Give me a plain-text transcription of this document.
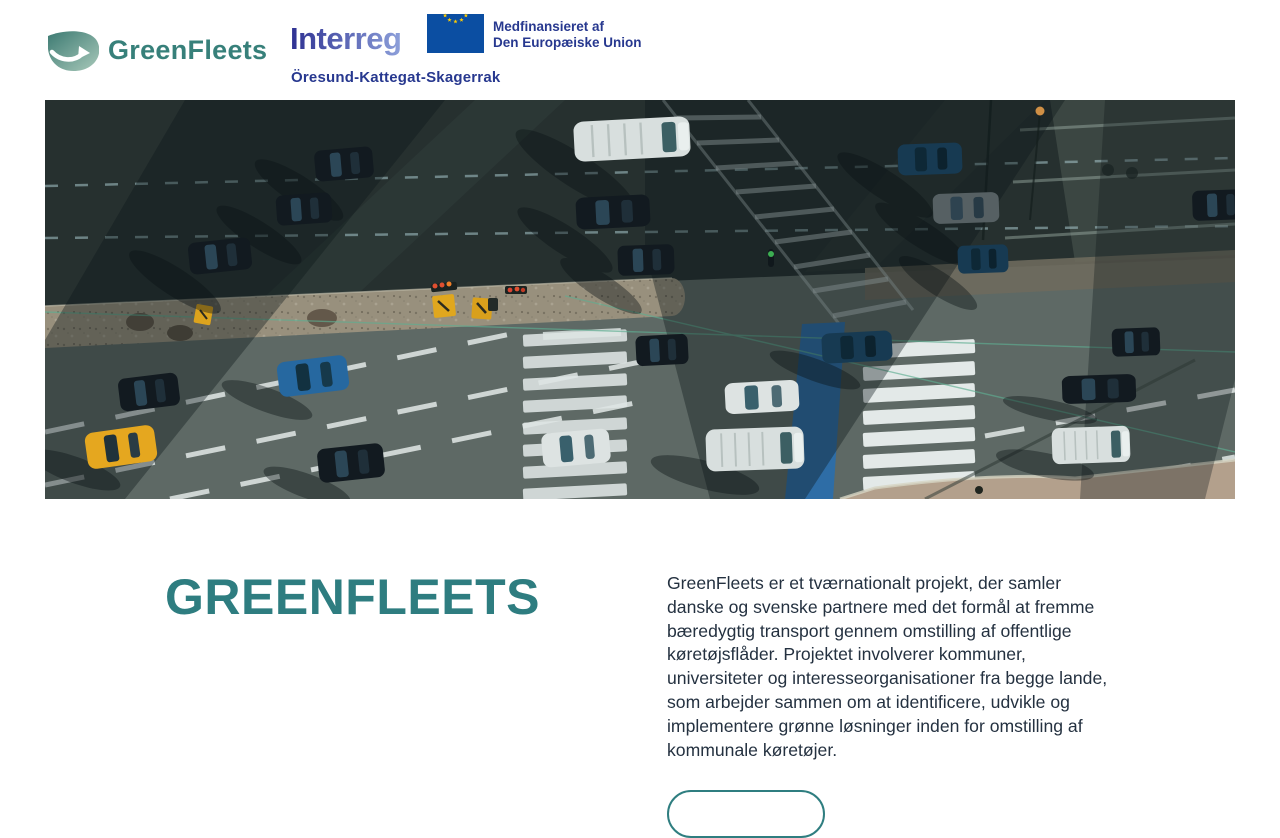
GreenFleets Interreg	Medfinansieret af
Den Europæiske Union
Öresund-Kattegat-Skagerrak
GREENFLEETS	GreenFleets er et tværnationalt projekt, der samler danske og svenske partnere med det formål at fremme bæredygtig transport gennem omstilling af offentlige køretøjsflåder. Projektet involverer kommuner, universiteter og interesseorganisationer fra begge lande, som arbejder sammen om at identificere, udvikle og implementere grønne løsninger inden for omstilling af kommunale køretøjer.
